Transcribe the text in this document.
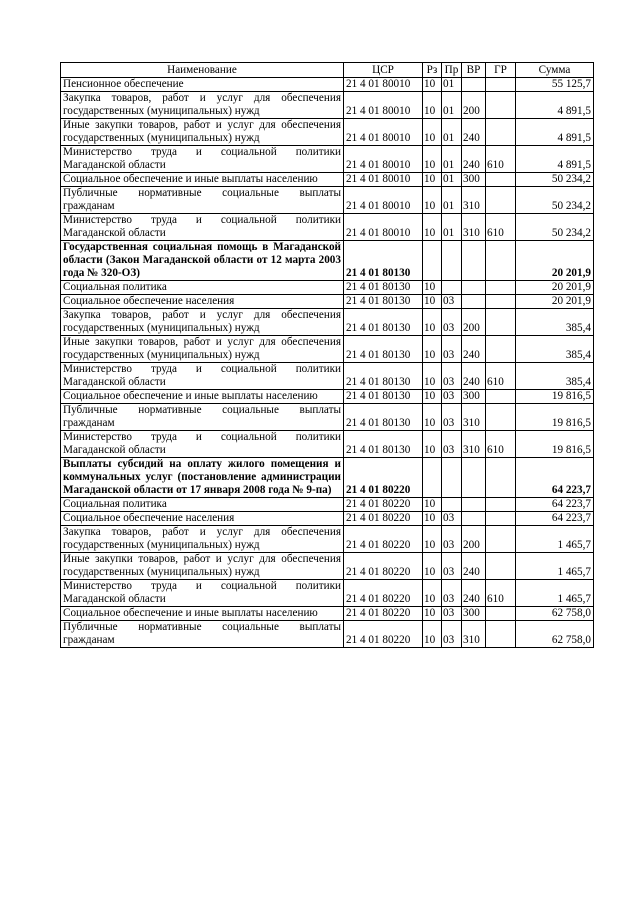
Наименование	ЦСР	Рз	Пр	ВР	ГР	Сумма
Пенсионное обеспечение	21 4 01 80010	10	01			55 125,7
Закупка товаров, работ и услуг для обеспечения государственных (муниципальных) нужд	21 4 01 80010	10	01	200		4 891,5
Иные закупки товаров, работ и услуг для обеспечения государственных (муниципальных) нужд	21 4 01 80010	10	01	240		4 891,5
Министерство труда и социальной политики Магаданской области	21 4 01 80010	10	01	240	610	4 891,5
Социальное обеспечение и иные выплаты населению	21 4 01 80010	10	01	300		50 234,2
Публичные нормативные социальные выплаты гражданам	21 4 01 80010	10	01	310		50 234,2
Министерство труда и социальной политики Магаданской области	21 4 01 80010	10	01	310	610	50 234,2
Государственная социальная помощь в Магаданской области (Закон Магаданской области от 12 марта 2003 года № 320-ОЗ)	21 4 01 80130					20 201,9
Социальная политика	21 4 01 80130	10				20 201,9
Социальное обеспечение населения	21 4 01 80130	10	03			20 201,9
Закупка товаров, работ и услуг для обеспечения государственных (муниципальных) нужд	21 4 01 80130	10	03	200		385,4
Иные закупки товаров, работ и услуг для обеспечения государственных (муниципальных) нужд	21 4 01 80130	10	03	240		385,4
Министерство труда и социальной политики Магаданской области	21 4 01 80130	10	03	240	610	385,4
Социальное обеспечение и иные выплаты населению	21 4 01 80130	10	03	300		19 816,5
Публичные нормативные социальные выплаты гражданам	21 4 01 80130	10	03	310		19 816,5
Министерство труда и социальной политики Магаданской области	21 4 01 80130	10	03	310	610	19 816,5
Выплаты субсидий на оплату жилого помещения и коммунальных услуг (постановление администрации Магаданской области от 17 января 2008 года № 9-па)	21 4 01 80220					64 223,7
Социальная политика	21 4 01 80220	10				64 223,7
Социальное обеспечение населения	21 4 01 80220	10	03			64 223,7
Закупка товаров, работ и услуг для обеспечения государственных (муниципальных) нужд	21 4 01 80220	10	03	200		1 465,7
Иные закупки товаров, работ и услуг для обеспечения государственных (муниципальных) нужд	21 4 01 80220	10	03	240		1 465,7
Министерство труда и социальной политики Магаданской области	21 4 01 80220	10	03	240	610	1 465,7
Социальное обеспечение и иные выплаты населению	21 4 01 80220	10	03	300		62 758,0
Публичные нормативные социальные выплаты гражданам	21 4 01 80220	10	03	310		62 758,0
